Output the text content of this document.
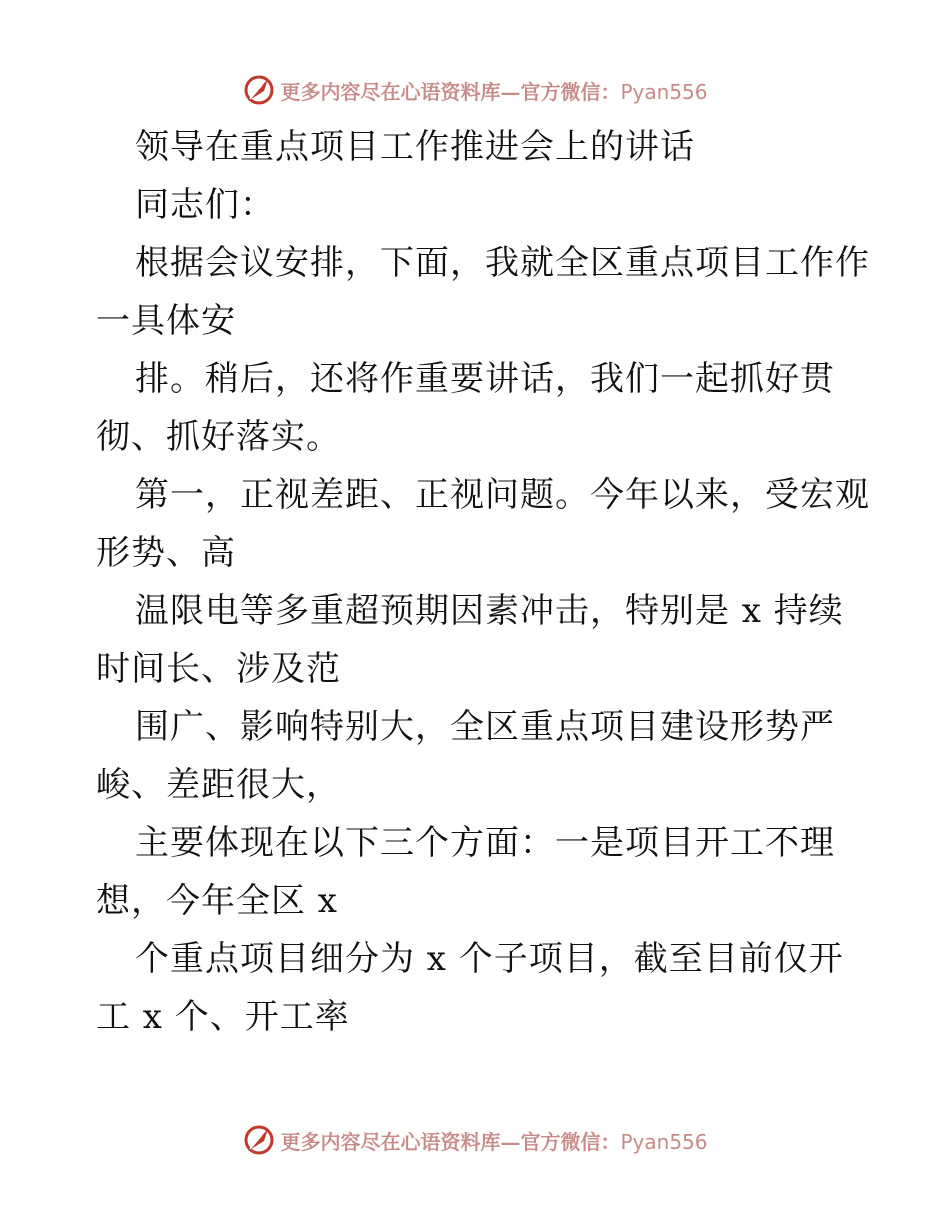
更多内容尽在心语资料库—官方微信：Pyan556
领导在重点项目工作推进会上的讲话
同志们：
根据会议安排，下面，我就全区重点项目工作作
一具体安
排。稍后，还将作重要讲话，我们一起抓好贯
彻、抓好落实。
第一，正视差距、正视问题。今年以来，受宏观
形势、高
温限电等多重超预期因素冲击，特别是 x 持续
时间长、涉及范
围广、影响特别大，全区重点项目建设形势严
峻、差距很大，
主要体现在以下三个方面：一是项目开工不理
想，今年全区 x
个重点项目细分为 x 个子项目，截至目前仅开
工 x 个、开工率
更多内容尽在心语资料库—官方微信：Pyan556
